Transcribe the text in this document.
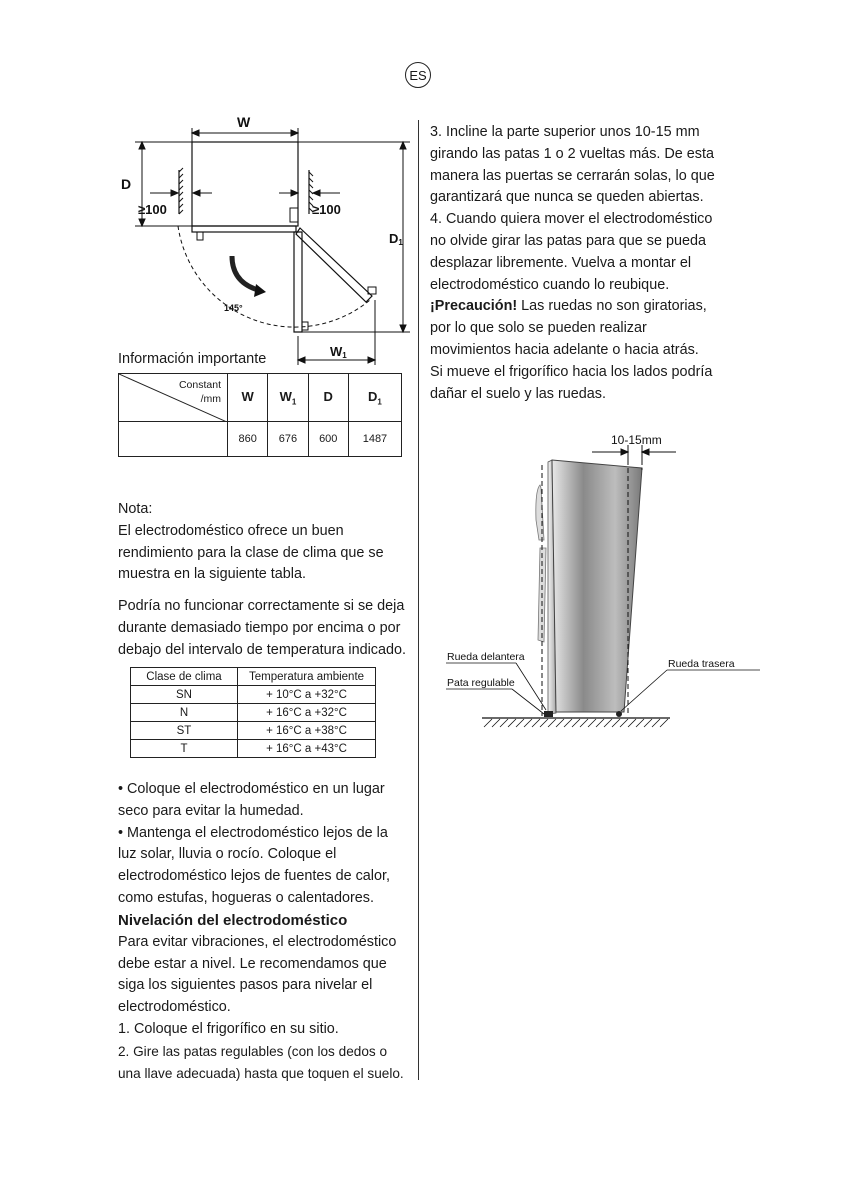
ES
W
D
≥100	≥100
145°
D1
W1
Información importante
Constant
/mm	W	$W_1$	D	$D_1$
	860	676	600	1487
Nota:
El electrodoméstico ofrece un buen
rendimiento para la clase de clima que se
muestra en la siguiente tabla.
Podría no funcionar correctamente si se deja
durante demasiado tiempo por encima o por
debajo del intervalo de temperatura indicado.
Clase de clima	Temperatura ambiente
SN	+ 10°C a +32°C
N	+ 16°C a +32°C
ST	+ 16°C a +38°C
T	+ 16°C a +43°C
• Coloque el electrodoméstico en un lugar
seco para evitar la humedad.
• Mantenga el electrodoméstico lejos de la
luz solar, lluvia o rocío. Coloque el
electrodoméstico lejos de fuentes de calor,
como estufas, hogueras o calentadores.
Nivelación del electrodoméstico
Para evitar vibraciones, el electrodoméstico
debe estar a nivel. Le recomendamos que
siga los siguientes pasos para nivelar el
electrodoméstico.
1. Coloque el frigorífico en su sitio.
2. Gire las patas regulables (con los dedos o
una llave adecuada) hasta que toquen el suelo.
3. Incline la parte superior unos 10-15 mm
girando las patas 1 o 2 vueltas más. De esta
manera las puertas se cerrarán solas, lo que
garantizará que nunca se queden abiertas.
4. Cuando quiera mover el electrodoméstico
no olvide girar las patas para que se pueda
desplazar libremente. Vuelva a montar el
electrodoméstico cuando lo reubique.
¡Precaución! Las ruedas no son giratorias,
por lo que solo se pueden realizar
movimientos hacia adelante o hacia atrás.
Si mueve el frigorífico hacia los lados podría
dañar el suelo y las ruedas.
10-15mm
Rueda delantera
Pata regulable
Rueda trasera
